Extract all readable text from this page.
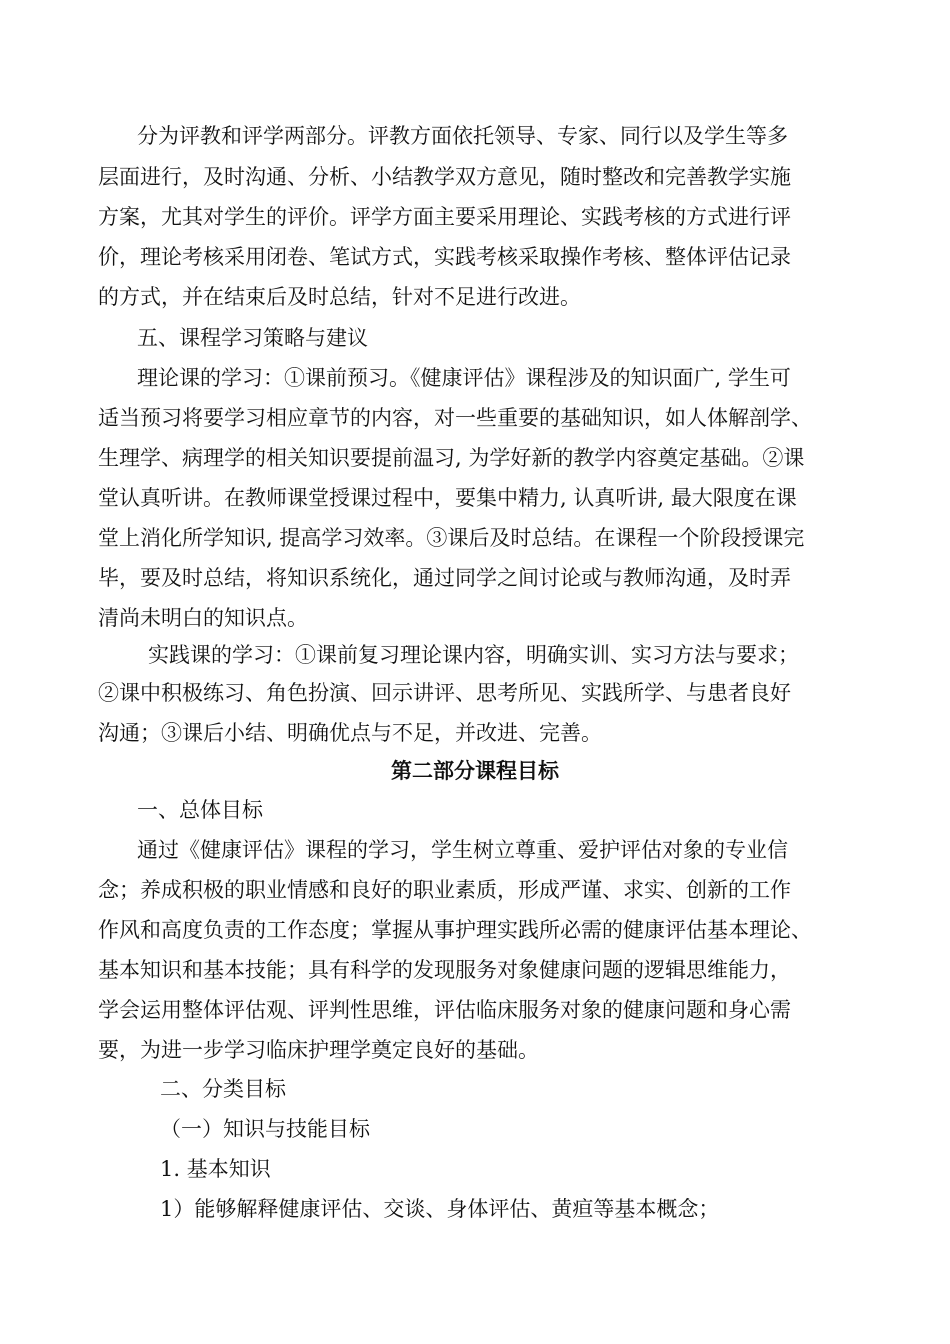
分为评教和评学两部分。评教方面依托领导、专家、同行以及学生等多
层面进行，及时沟通、分析、小结教学双方意见，随时整改和完善教学实施
方案，尤其对学生的评价。评学方面主要采用理论、实践考核的方式进行评
价，理论考核采用闭卷、笔试方式，实践考核采取操作考核、整体评估记录
的方式，并在结束后及时总结，针对不足进行改进。
五、课程学习策略与建议
理论课的学习：①课前预习。《健康评估》课程涉及的知识面广, 学生可
适当预习将要学习相应章节的内容，对一些重要的基础知识，如人体解剖学、
生理学、病理学的相关知识要提前温习, 为学好新的教学内容奠定基础。②课
堂认真听讲。在教师课堂授课过程中，要集中精力, 认真听讲, 最大限度在课
堂上消化所学知识, 提高学习效率。③课后及时总结。在课程一个阶段授课完
毕，要及时总结，将知识系统化，通过同学之间讨论或与教师沟通，及时弄
清尚未明白的知识点。
实践课的学习：①课前复习理论课内容，明确实训、实习方法与要求；
②课中积极练习、角色扮演、回示讲评、思考所见、实践所学、与患者良好
沟通；③课后小结、明确优点与不足，并改进、完善。
第二部分课程目标
一、总体目标
通过《健康评估》课程的学习，学生树立尊重、爱护评估对象的专业信
念；养成积极的职业情感和良好的职业素质，形成严谨、求实、创新的工作
作风和高度负责的工作态度；掌握从事护理实践所必需的健康评估基本理论、
基本知识和基本技能；具有科学的发现服务对象健康问题的逻辑思维能力，
学会运用整体评估观、评判性思维，评估临床服务对象的健康问题和身心需
要，为进一步学习临床护理学奠定良好的基础。
二、分类目标
（一）知识与技能目标
1. 基本知识
1）能够解释健康评估、交谈、身体评估、黄疸等基本概念；
